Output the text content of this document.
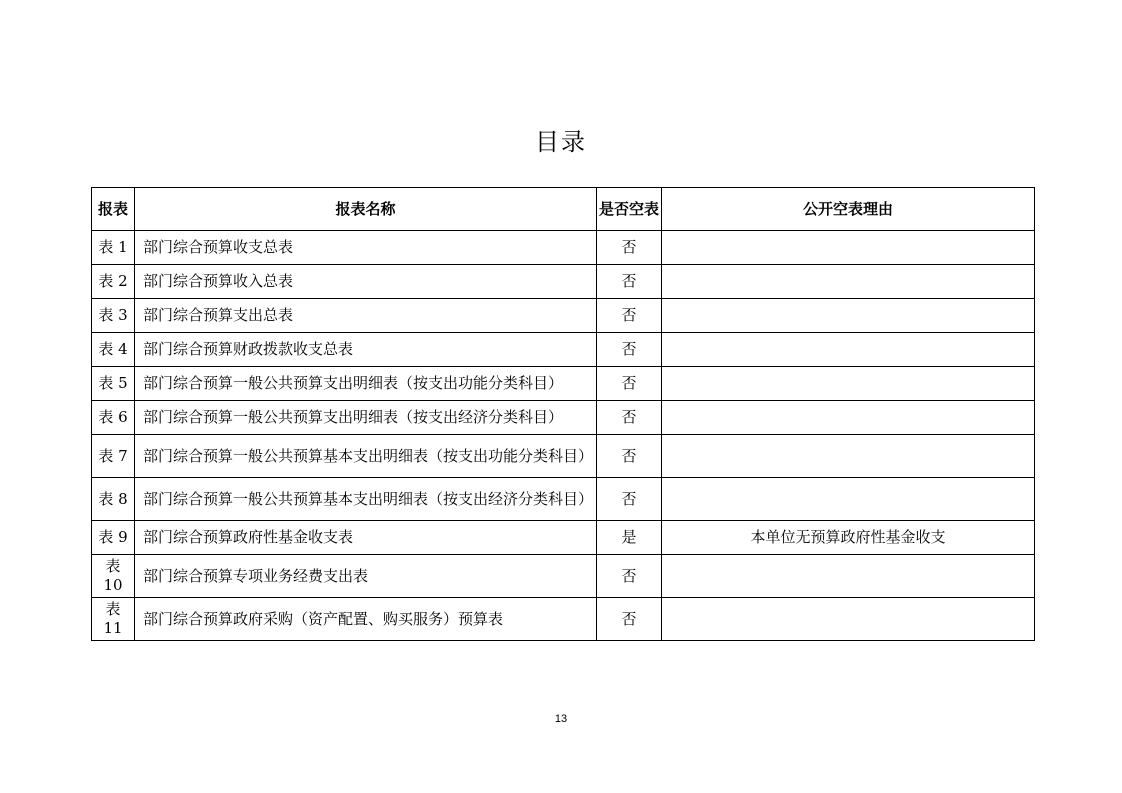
目录
报表	报表名称	是否空表	公开空表理由
表 1	部门综合预算收支总表	否	
表 2	部门综合预算收入总表	否	
表 3	部门综合预算支出总表	否	
表 4	部门综合预算财政拨款收支总表	否	
表 5	部门综合预算一般公共预算支出明细表（按支出功能分类科目）	否	
表 6	部门综合预算一般公共预算支出明细表（按支出经济分类科目）	否	
表 7	部门综合预算一般公共预算基本支出明细表（按支出功能分类科目）	否	
表 8	部门综合预算一般公共预算基本支出明细表（按支出经济分类科目）	否	
表 9	部门综合预算政府性基金收支表	是	本单位无预算政府性基金收支
表 10	部门综合预算专项业务经费支出表	否	
表 11	部门综合预算政府采购（资产配置、购买服务）预算表	否	
13
